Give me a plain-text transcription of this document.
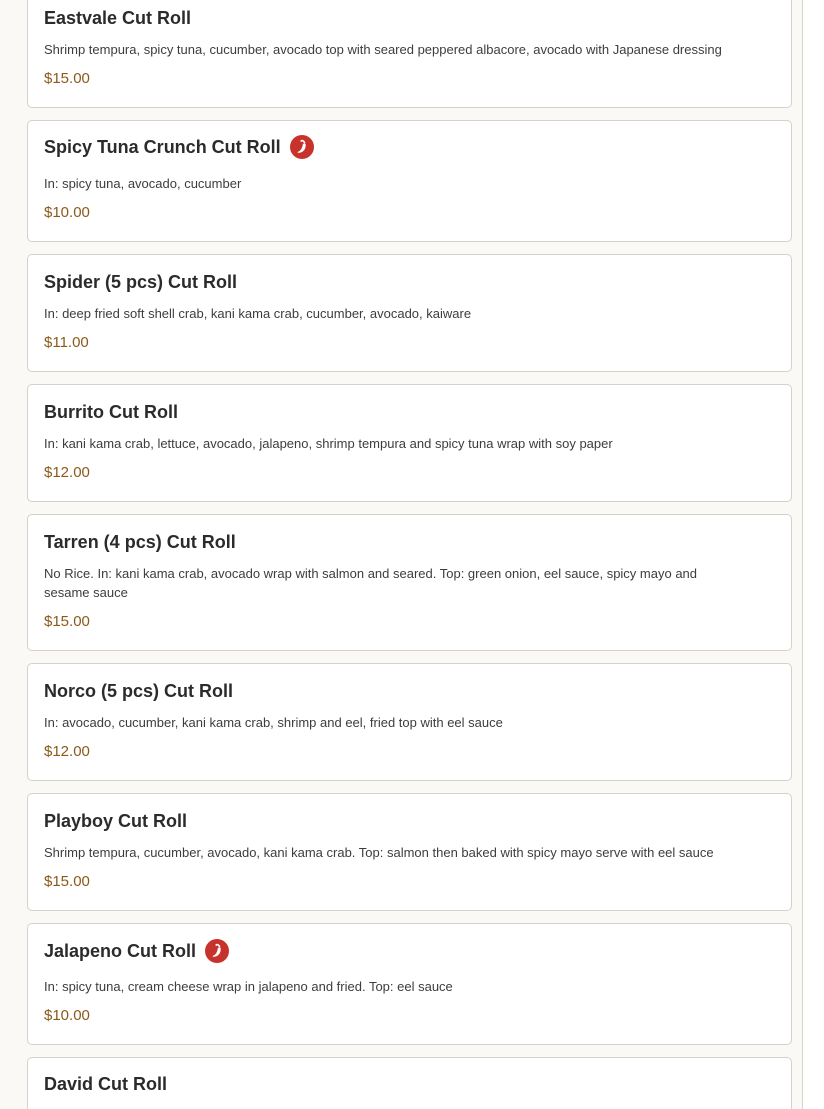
Eastvale Cut Roll
Shrimp tempura, spicy tuna, cucumber, avocado top with seared peppered albacore, avocado with Japanese dressing
$15.00
Spicy Tuna Crunch Cut Roll
In: spicy tuna, avocado, cucumber
$10.00
Spider (5 pcs) Cut Roll
In: deep fried soft shell crab, kani kama crab, cucumber, avocado, kaiware
$11.00
Burrito Cut Roll
In: kani kama crab, lettuce, avocado, jalapeno, shrimp tempura and spicy tuna wrap with soy paper
$12.00
Tarren (4 pcs) Cut Roll
No Rice. In: kani kama crab, avocado wrap with salmon and seared. Top: green onion, eel sauce, spicy mayo and sesame sauce
$15.00
Norco (5 pcs) Cut Roll
In: avocado, cucumber, kani kama crab, shrimp and eel, fried top with eel sauce
$12.00
Playboy Cut Roll
Shrimp tempura, cucumber, avocado, kani kama crab. Top: salmon then baked with spicy mayo serve with eel sauce
$15.00
Jalapeno Cut Roll
In: spicy tuna, cream cheese wrap in jalapeno and fried. Top: eel sauce
$10.00
David Cut Roll
